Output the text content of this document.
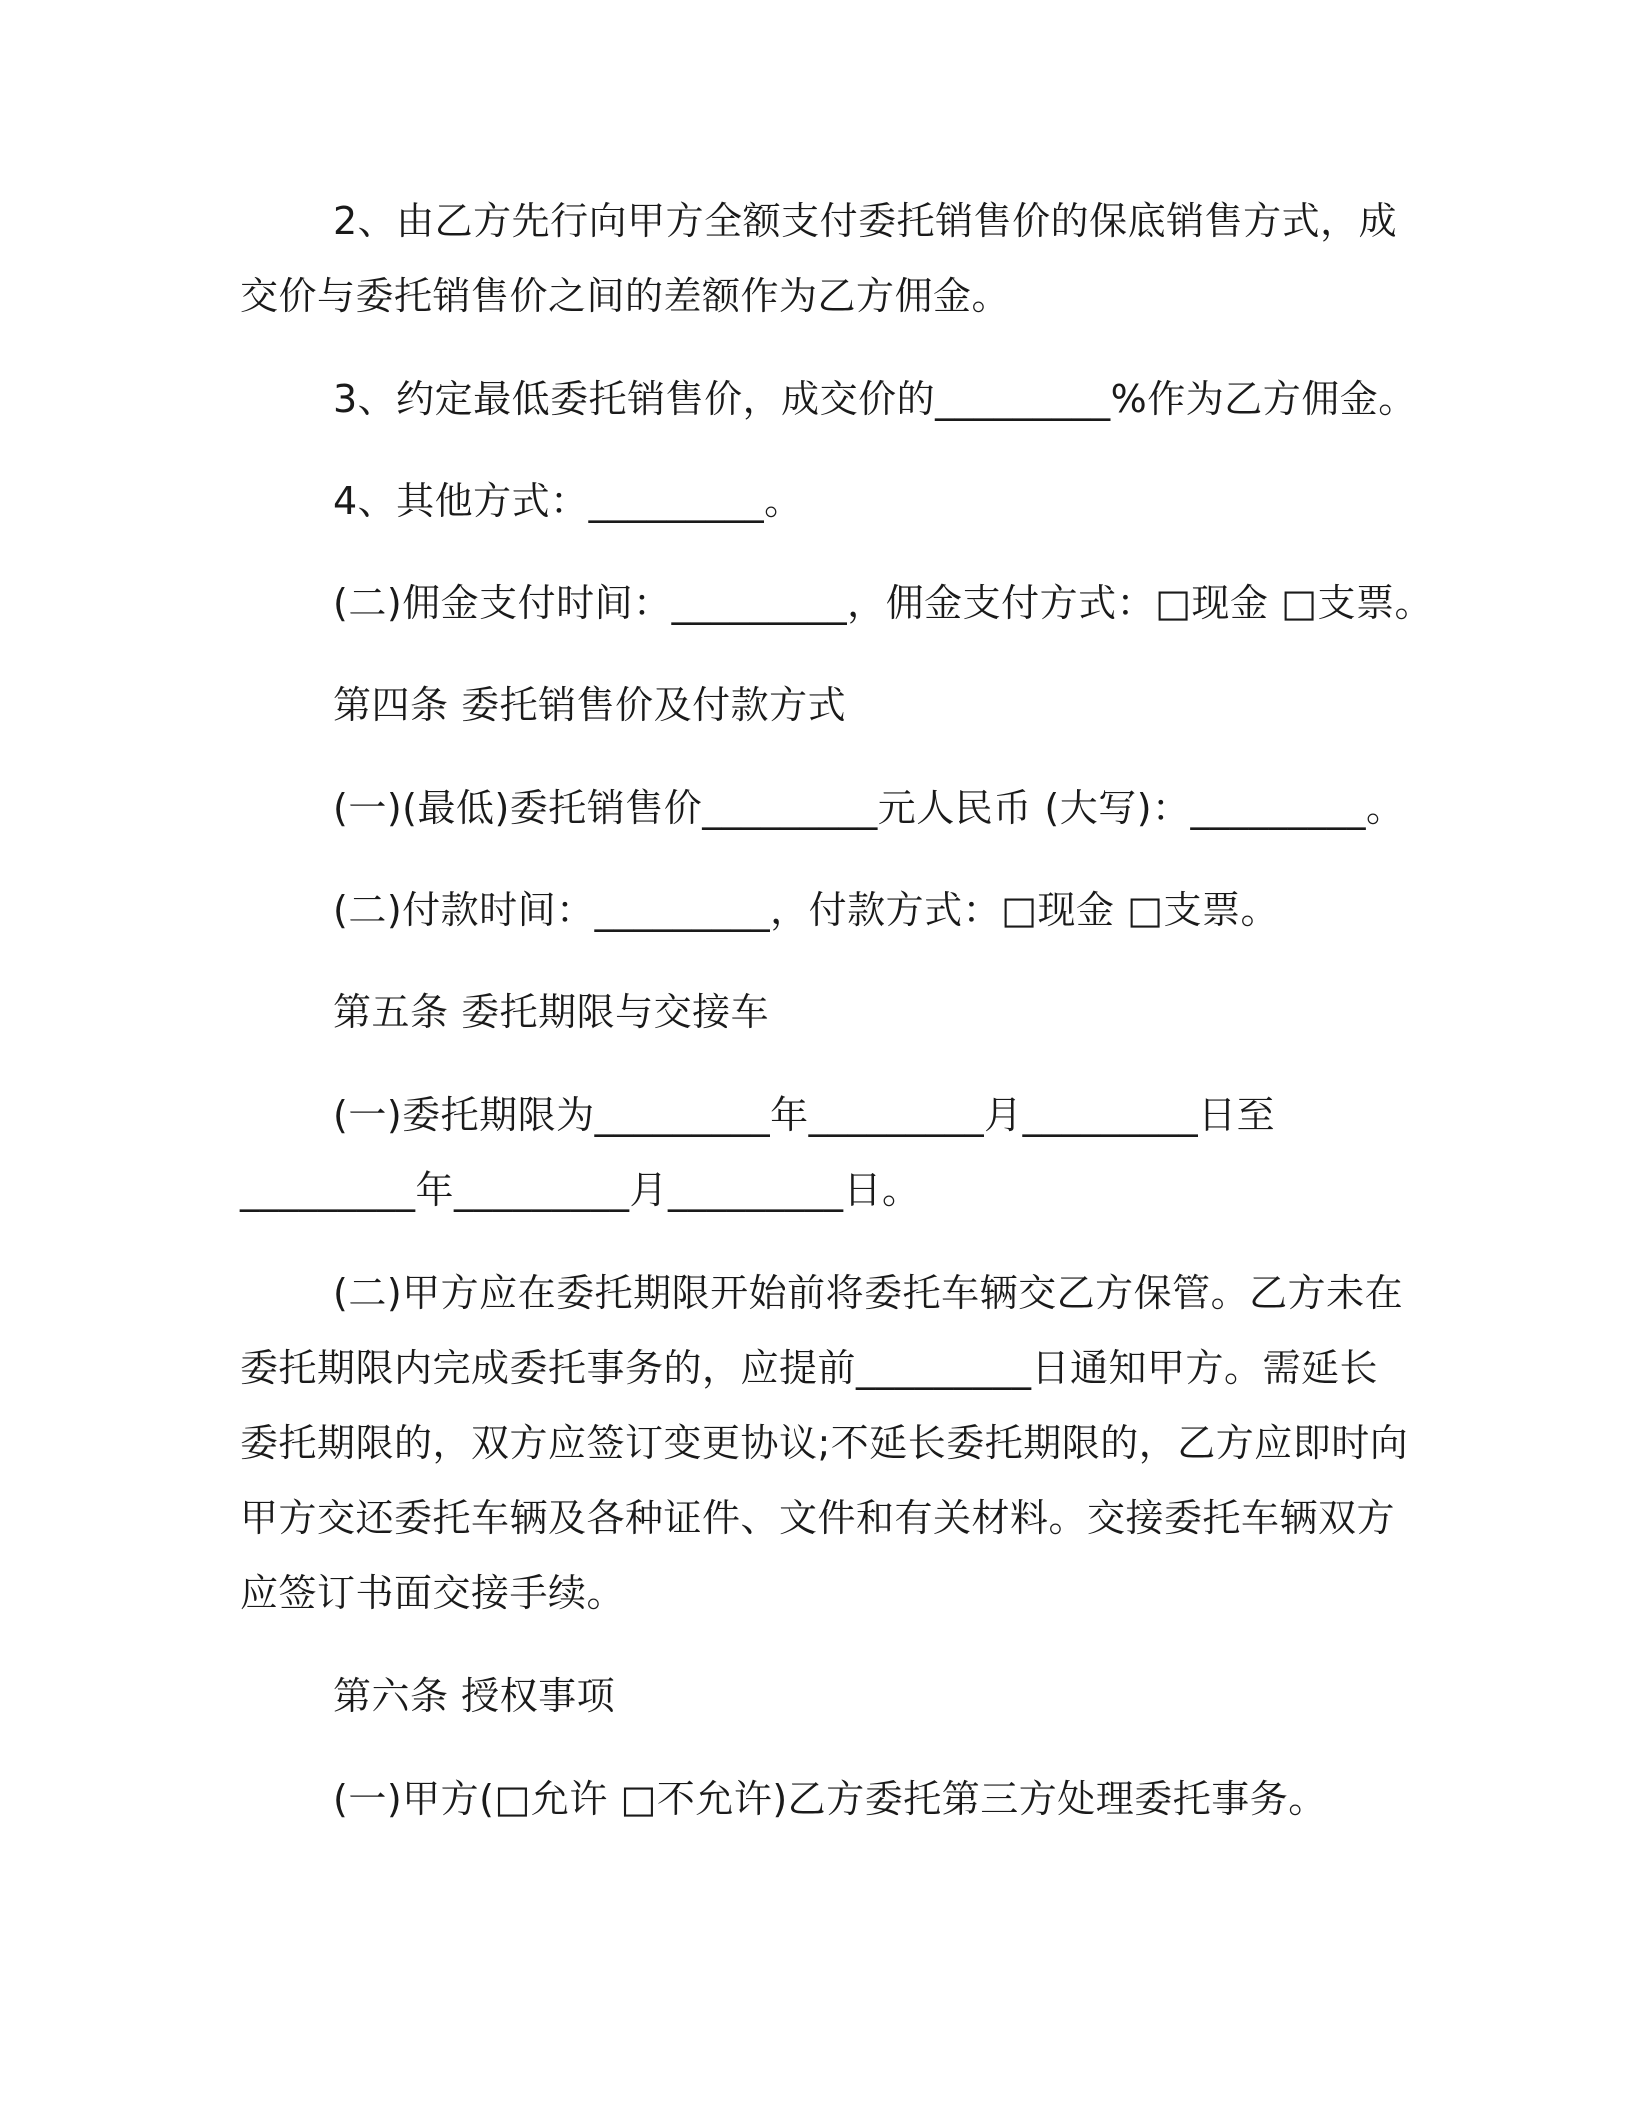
2、由乙方先行向甲方全额支付委托销售价的保底销售方式，成
交价与委托销售价之间的差额作为乙方佣金。
3、约定最低委托销售价，成交价的_________%作为乙方佣金。
4、其他方式：_________。
(二)佣金支付时间：_________，佣金支付方式：□现金 □支票。
第四条 委托销售价及付款方式
(一)(最低)委托销售价_________元人民币 (大写)：_________。
(二)付款时间：_________，付款方式：□现金 □支票。
第五条 委托期限与交接车
(一)委托期限为_________年_________月_________日至
_________年_________月_________日。
(二)甲方应在委托期限开始前将委托车辆交乙方保管。乙方未在
委托期限内完成委托事务的，应提前_________日通知甲方。需延长
委托期限的，双方应签订变更协议;不延长委托期限的，乙方应即时向
甲方交还委托车辆及各种证件、文件和有关材料。交接委托车辆双方
应签订书面交接手续。
第六条 授权事项
(一)甲方(□允许 □不允许)乙方委托第三方处理委托事务。
